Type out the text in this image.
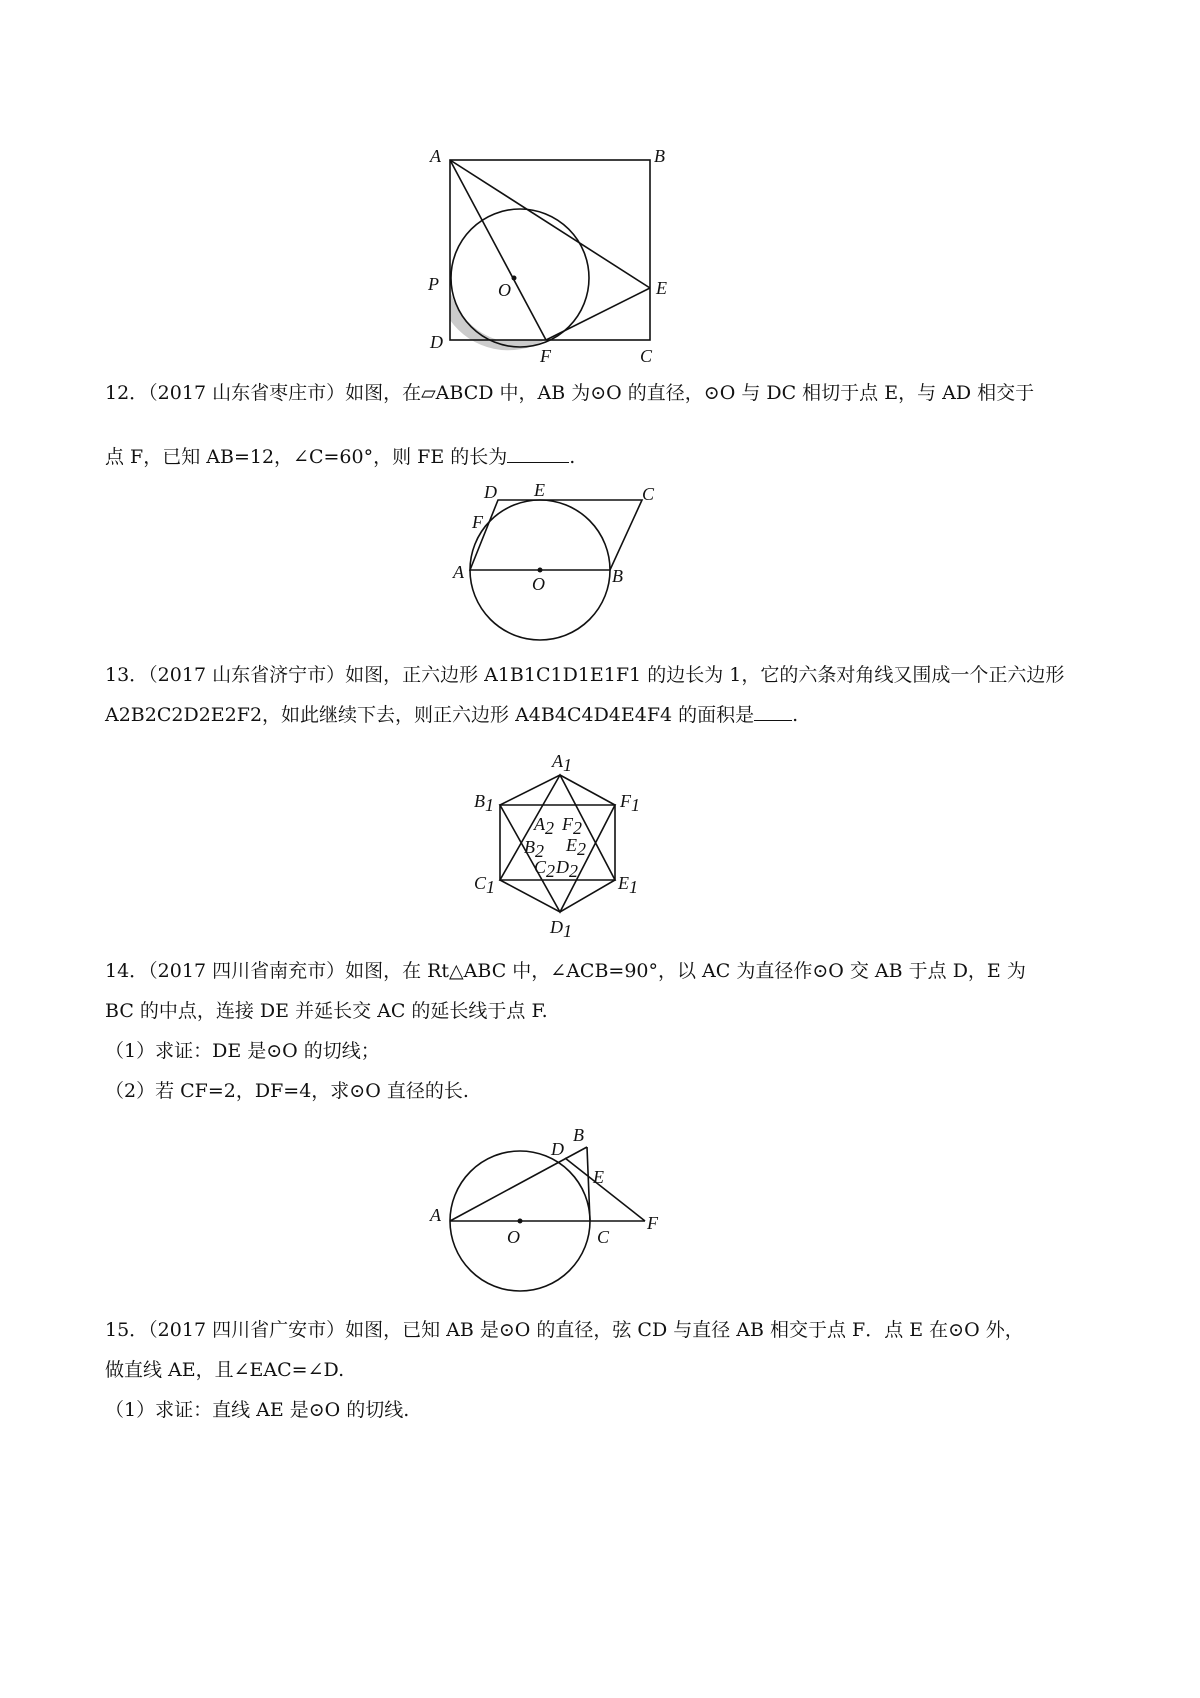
A	B
C
D
E
F
O
P
12．（2017 山东省枣庄市）如图，在▱ABCD 中，AB 为⊙O 的直径，⊙O 与 DC 相切于点 E，与 AD 相交于
点 F，已知 AB=12，∠C=60°，则 FE 的长为	.
A	B
C
D E
F
O
13．（2017 山东省济宁市）如图，正六边形 A1B1C1D1E1F1 的边长为 1，它的六条对角线又围成一个正六边形
A2B2C2D2E2F2，如此继续下去，则正六边形 A4B4C4D4E4F4 的面积是 .
A1
B1	F1
C1	E1
D1
A2 F2
B2 E2
C2 D2
14．（2017 四川省南充市）如图，在 Rt△ABC 中，∠ACB=90°，以 AC 为直径作⊙O 交 AB 于点 D，E 为
BC 的中点，连接 DE 并延长交 AC 的延长线于点 F.
（1）求证：DE 是⊙O 的切线；
（2）若 CF=2，DF=4，求⊙O 直径的长.
A
B
C
D
E
F
O
15．（2017 四川省广安市）如图，已知 AB 是⊙O 的直径，弦 CD 与直径 AB 相交于点 F．点 E 在⊙O 外，
做直线 AE，且∠EAC=∠D.
（1）求证：直线 AE 是⊙O 的切线.
